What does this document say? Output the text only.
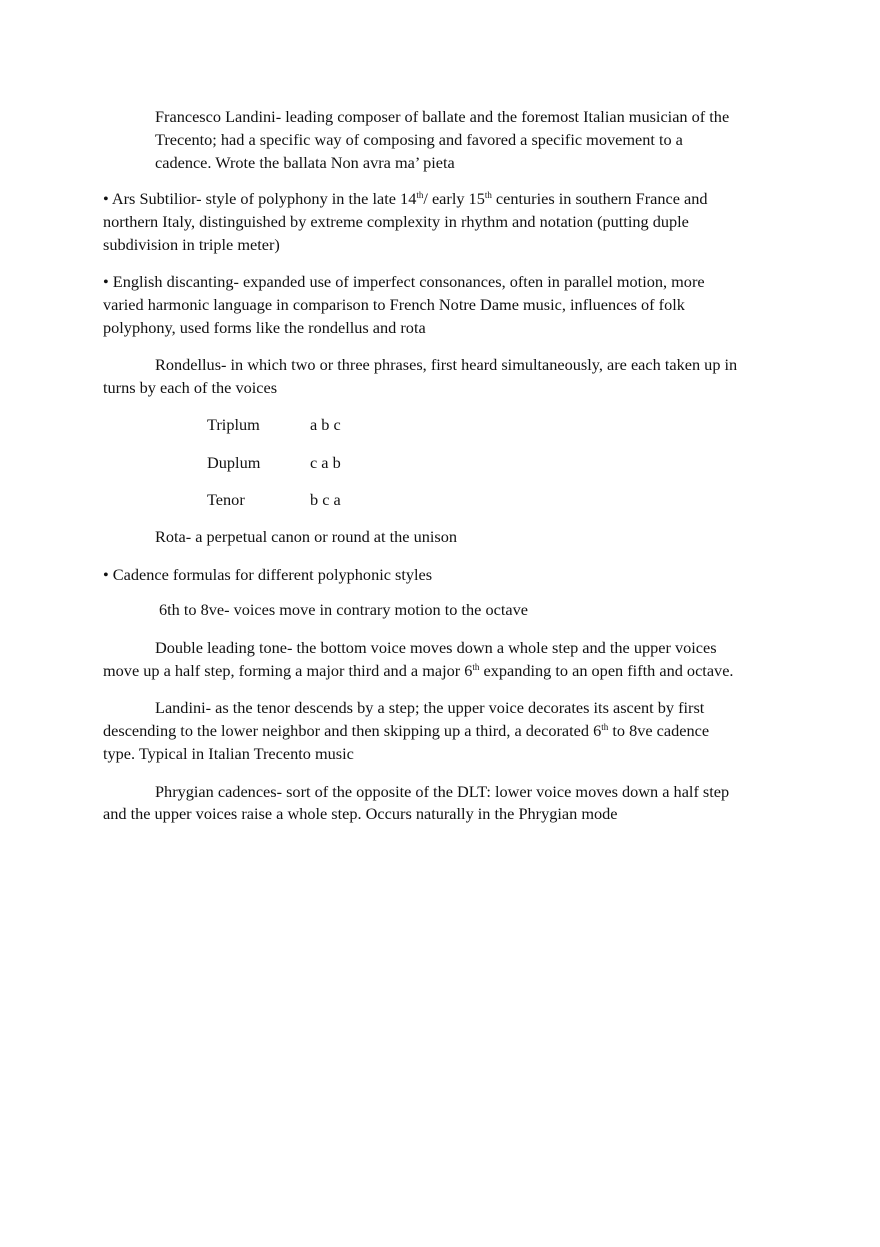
Francesco Landini- leading composer of ballate and the foremost Italian musician of the
Trecento; had a specific way of composing and favored a specific movement to a
cadence. Wrote the ballata Non avra ma’ pieta
• Ars Subtilior- style of polyphony in the late 14th/ early 15th centuries in southern France and
northern Italy, distinguished by extreme complexity in rhythm and notation (putting duple
subdivision in triple meter)
• English discanting- expanded use of imperfect consonances, often in parallel motion, more
varied harmonic language in comparison to French Notre Dame music, influences of folk
polyphony, used forms like the rondellus and rota
Rondellus- in which two or three phrases, first heard simultaneously, are each taken up in
turns by each of the voices
Triplum	a b c
Duplum	c a b
Tenor	b c a
Rota- a perpetual canon or round at the unison
• Cadence formulas for different polyphonic styles
6th to 8ve- voices move in contrary motion to the octave
Double leading tone- the bottom voice moves down a whole step and the upper voices
move up a half step, forming a major third and a major 6th expanding to an open fifth and octave.
Landini- as the tenor descends by a step; the upper voice decorates its ascent by first
descending to the lower neighbor and then skipping up a third, a decorated 6th to 8ve cadence
type. Typical in Italian Trecento music
Phrygian cadences- sort of the opposite of the DLT: lower voice moves down a half step
and the upper voices raise a whole step. Occurs naturally in the Phrygian mode
